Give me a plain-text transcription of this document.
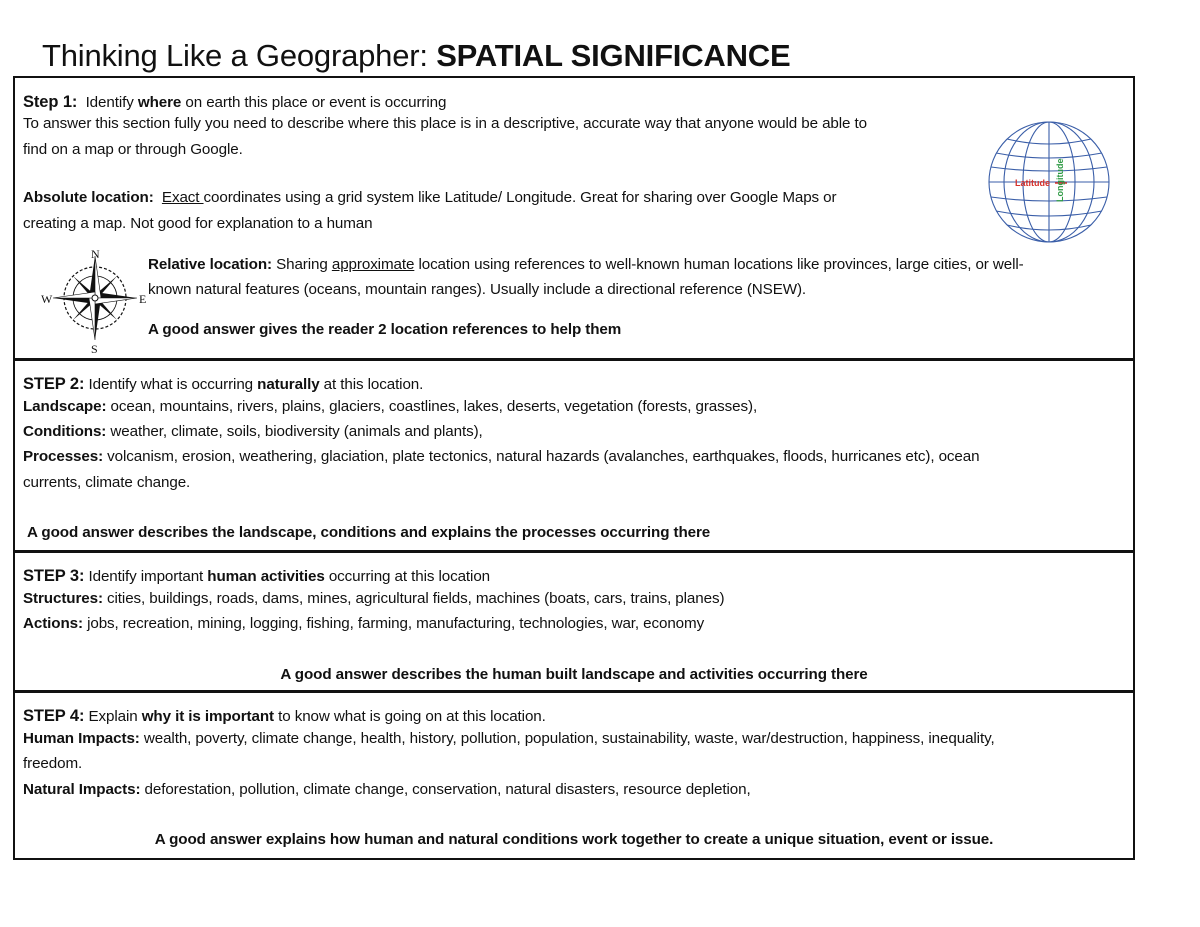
Thinking Like a Geographer: SPATIAL SIGNIFICANCE
Step 1: Identify where on earth this place or event is occurring
To answer this section fully you need to describe where this place is in a descriptive, accurate way that anyone would be able to
find on a map or through Google.
Absolute location: Exact coordinates using a grid system like Latitude/ Longitude. Great for sharing over Google Maps or
creating a map. Not good for explanation to a human
Relative location: Sharing approximate location using references to well-known human locations like provinces, large cities, or well-
known natural features (oceans, mountain ranges). Usually include a directional reference (NSEW).
A good answer gives the reader 2 location references to help them
Latitude Longitude
N
S
E
W
STEP 2: Identify what is occurring naturally at this location.
Landscape: ocean, mountains, rivers, plains, glaciers, coastlines, lakes, deserts, vegetation (forests, grasses),
Conditions: weather, climate, soils, biodiversity (animals and plants),
Processes: volcanism, erosion, weathering, glaciation, plate tectonics, natural hazards (avalanches, earthquakes, floods, hurricanes etc), ocean
currents, climate change.
A good answer describes the landscape, conditions and explains the processes occurring there
STEP 3: Identify important human activities occurring at this location
Structures: cities, buildings, roads, dams, mines, agricultural fields, machines (boats, cars, trains, planes)
Actions: jobs, recreation, mining, logging, fishing, farming, manufacturing, technologies, war, economy
A good answer describes the human built landscape and activities occurring there
STEP 4: Explain why it is important to know what is going on at this location.
Human Impacts: wealth, poverty, climate change, health, history, pollution, population, sustainability, waste, war/destruction, happiness, inequality,
freedom.
Natural Impacts: deforestation, pollution, climate change, conservation, natural disasters, resource depletion,
A good answer explains how human and natural conditions work together to create a unique situation, event or issue.
